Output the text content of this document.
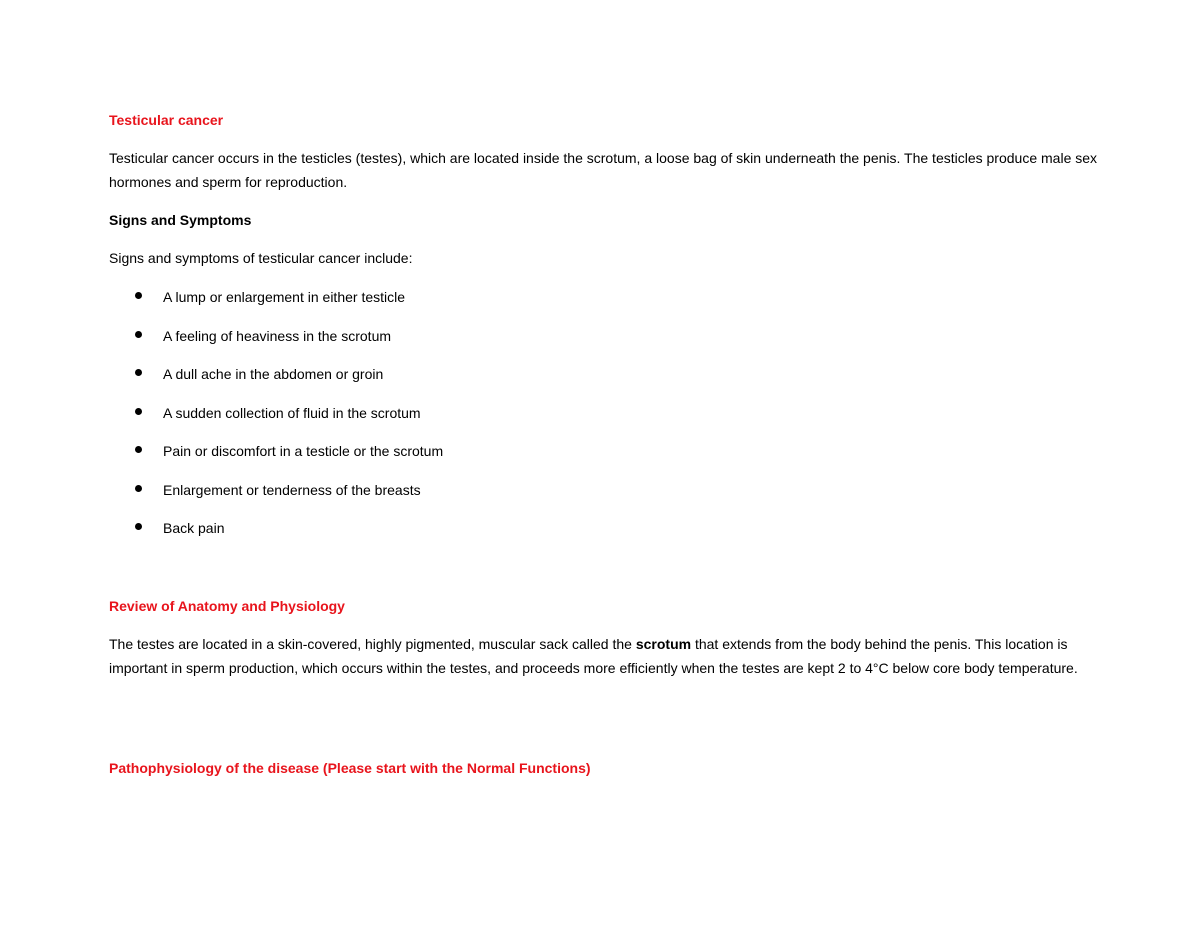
Testicular cancer
Testicular cancer occurs in the testicles (testes), which are located inside the scrotum, a loose bag of skin underneath the penis. The testicles produce male sex hormones and sperm for reproduction.
Signs and Symptoms
Signs and symptoms of testicular cancer include:
A lump or enlargement in either testicle
A feeling of heaviness in the scrotum
A dull ache in the abdomen or groin
A sudden collection of fluid in the scrotum
Pain or discomfort in a testicle or the scrotum
Enlargement or tenderness of the breasts
Back pain
Review of Anatomy and Physiology
The testes are located in a skin-covered, highly pigmented, muscular sack called the scrotum that extends from the body behind the penis. This location is important in sperm production, which occurs within the testes, and proceeds more efficiently when the testes are kept 2 to 4°C below core body temperature.
Pathophysiology of the disease (Please start with the Normal Functions)
